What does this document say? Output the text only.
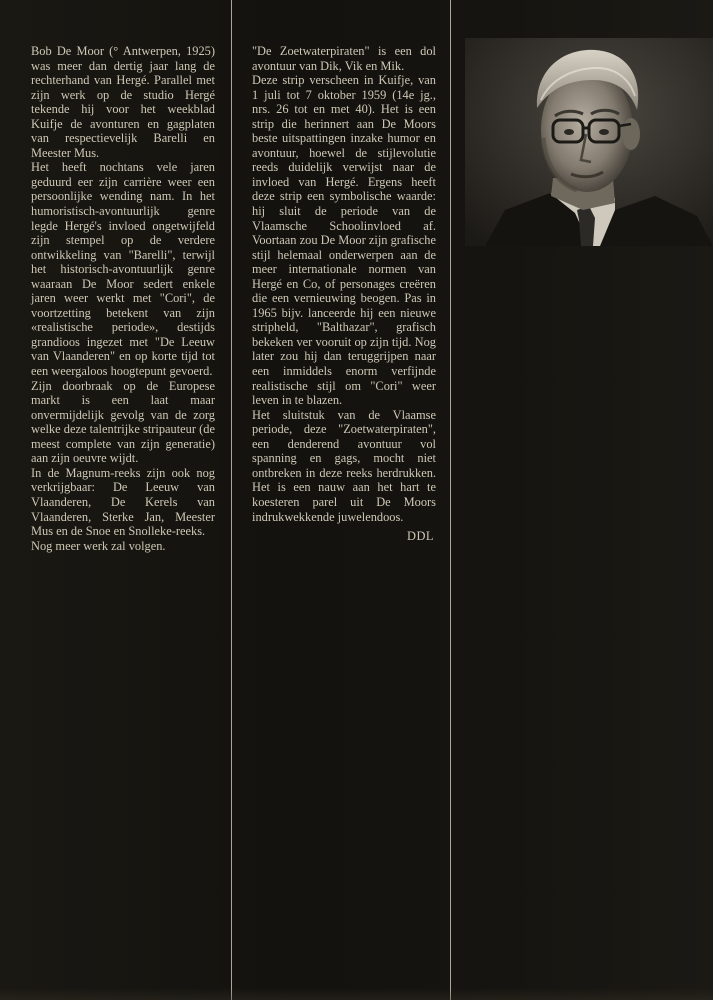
Bob De Moor (° Antwerpen, 1925) was meer dan dertig jaar lang de rechterhand van Hergé. Parallel met zijn werk op de studio Hergé tekende hij voor het weekblad Kuifje de avonturen en gagplaten van respectievelijk Barelli en Meester Mus.

Het heeft nochtans vele jaren geduurd eer zijn carrière weer een persoonlijke wending nam. In het humoristisch-avontuurlijk genre legde Hergé's invloed ongetwijfeld zijn stempel op de verdere ontwikkeling van "Barelli", terwijl het historisch-avontuurlijk genre waaraan De Moor sedert enkele jaren weer werkt met "Cori", de voortzetting betekent van zijn «realistische periode», destijds grandioos ingezet met "De Leeuw van Vlaanderen" en op korte tijd tot een weergaloos hoogtepunt gevoerd.

Zijn doorbraak op de Europese markt is een laat maar onvermijdelijk gevolg van de zorg welke deze talentrijke stripauteur (de meest complete van zijn generatie) aan zijn oeuvre wijdt.

In de Magnum-reeks zijn ook nog verkrijgbaar: De Leeuw van Vlaanderen, De Kerels van Vlaanderen, Sterke Jan, Meester Mus en de Snoe en Snolleke-reeks.

Nog meer werk zal volgen.

"De Zoetwaterpiraten" is een dol avontuur van Dik, Vik en Mik.

Deze strip verscheen in Kuifje, van 1 juli tot 7 oktober 1959 (14e jg., nrs. 26 tot en met 40). Het is een strip die herinnert aan De Moors beste uitspattingen inzake humor en avontuur, hoewel de stijlevolutie reeds duidelijk verwijst naar de invloed van Hergé. Ergens heeft deze strip een symbolische waarde: hij sluit de periode van de Vlaamsche Schoolinvloed af. Voortaan zou De Moor zijn grafische stijl helemaal onderwerpen aan de meer internationale normen van Hergé en Co, of personages creëren die een vernieuwing beogen. Pas in 1965 bijv. lanceerde hij een nieuwe stripheld, "Balthazar", grafisch bekeken ver vooruit op zijn tijd. Nog later zou hij dan teruggrijpen naar een inmiddels enorm verfijnde realistische stijl om "Cori" weer leven in te blazen.

Het sluitstuk van de Vlaamse periode, deze "Zoetwaterpiraten", een denderend avontuur vol spanning en gags, mocht niet ontbreken in deze reeks herdrukken. Het is een nauw aan het hart te koesteren parel uit De Moors indrukwekkende juwelendoos.

DDL
